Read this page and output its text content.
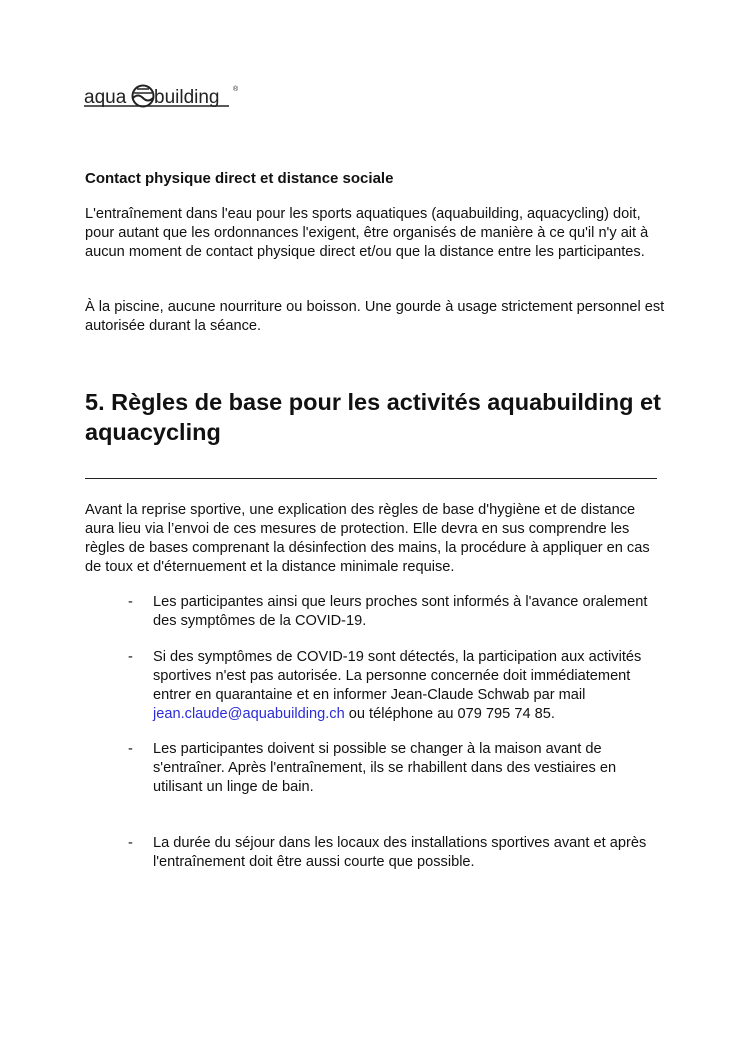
aqua building ®

Contact physique direct et distance sociale

L'entraînement dans l'eau pour les sports aquatiques (aquabuilding, aquacycling) doit, pour autant que les ordonnances l'exigent, être organisés de manière à ce qu'il n'y ait à aucun moment de contact physique direct et/ou que la distance entre les participantes.

À la piscine, aucune nourriture ou boisson. Une gourde à usage strictement personnel est autorisée durant la séance.

5. Règles de base pour les activités aquabuilding et aquacycling

Avant la reprise sportive, une explication des règles de base d'hygiène et de distance aura lieu via l’envoi de ces mesures de protection. Elle devra en sus comprendre les règles de bases comprenant la désinfection des mains, la procédure à appliquer en cas de toux et d'éternuement et la distance minimale requise.

- Les participantes ainsi que leurs proches sont informés à l'avance oralement des symptômes de la COVID-19.
- Si des symptômes de COVID-19 sont détectés, la participation aux activités sportives n'est pas autorisée. La personne concernée doit immédiatement entrer en quarantaine et en informer Jean-Claude Schwab par mail jean.claude@aquabuilding.ch ou téléphone au 079 795 74 85.
- Les participantes doivent si possible se changer à la maison avant de s'entraîner. Après l'entraînement, ils se rhabillent dans des vestiaires en utilisant un linge de bain.
- La durée du séjour dans les locaux des installations sportives avant et après l'entraînement doit être aussi courte que possible.
